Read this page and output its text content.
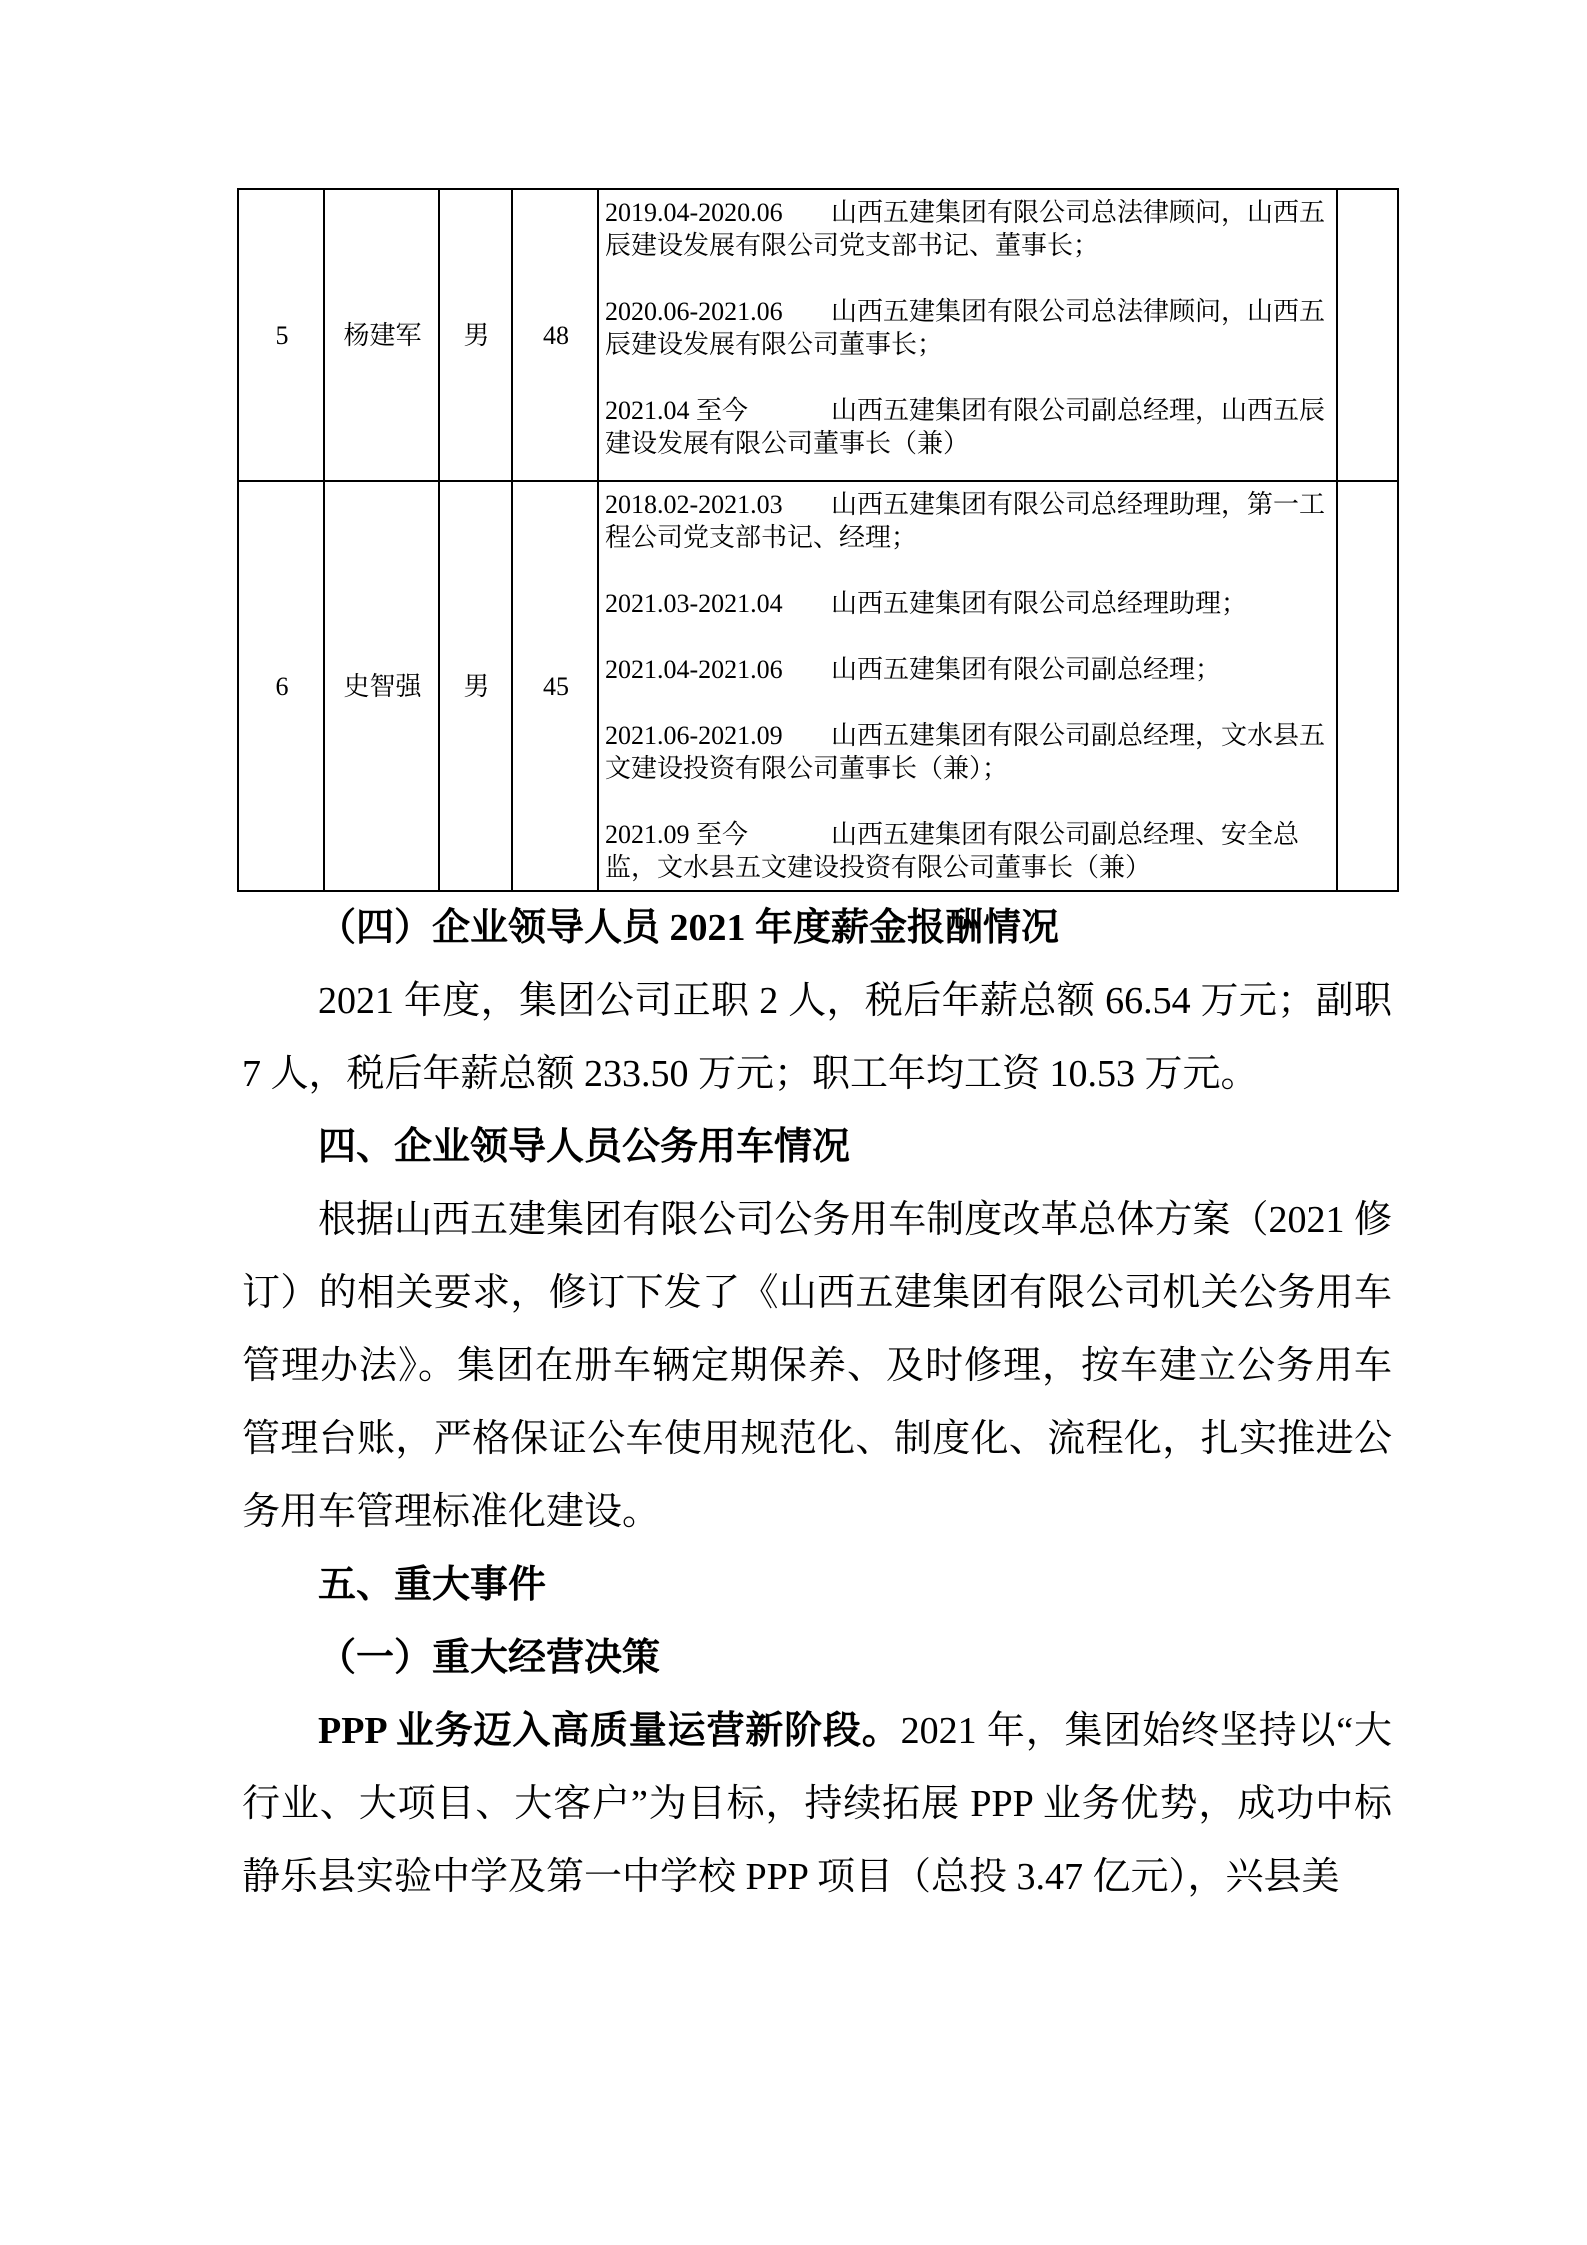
5	杨建军	男	48	2019.04-2020.06 山西五建集团有限公司总法律顾问，山西五辰建设发展有限公司党支部书记、董事长；
2020.06-2021.06 山西五建集团有限公司总法律顾问，山西五辰建设发展有限公司董事长；
2021.04 至今 山西五建集团有限公司副总经理，山西五辰建设发展有限公司董事长（兼）	

6	史智强	男	45	2018.02-2021.03 山西五建集团有限公司总经理助理，第一工程公司党支部书记、经理；
2021.03-2021.04 山西五建集团有限公司总经理助理；
2021.04-2021.06 山西五建集团有限公司副总经理；
2021.06-2021.09 山西五建集团有限公司副总经理，文水县五文建设投资有限公司董事长（兼）；
2021.09 至今 山西五建集团有限公司副总经理、安全总监，文水县五文建设投资有限公司董事长（兼）	

（四）企业领导人员 2021 年度薪金报酬情况

2021 年度，集团公司正职 2 人，税后年薪总额 66.54 万元；副职 7 人，税后年薪总额 233.50 万元；职工年均工资 10.53 万元。

四、企业领导人员公务用车情况

根据山西五建集团有限公司公务用车制度改革总体方案（2021 修订）的相关要求，修订下发了《山西五建集团有限公司机关公务用车管理办法》。集团在册车辆定期保养、及时修理，按车建立公务用车管理台账，严格保证公车使用规范化、制度化、流程化，扎实推进公务用车管理标准化建设。

五、重大事件
（一）重大经营决策

PPP 业务迈入高质量运营新阶段。2021 年，集团始终坚持以“大行业、大项目、大客户”为目标，持续拓展 PPP 业务优势，成功中标静乐县实验中学及第一中学校 PPP 项目（总投 3.47 亿元），兴县美
